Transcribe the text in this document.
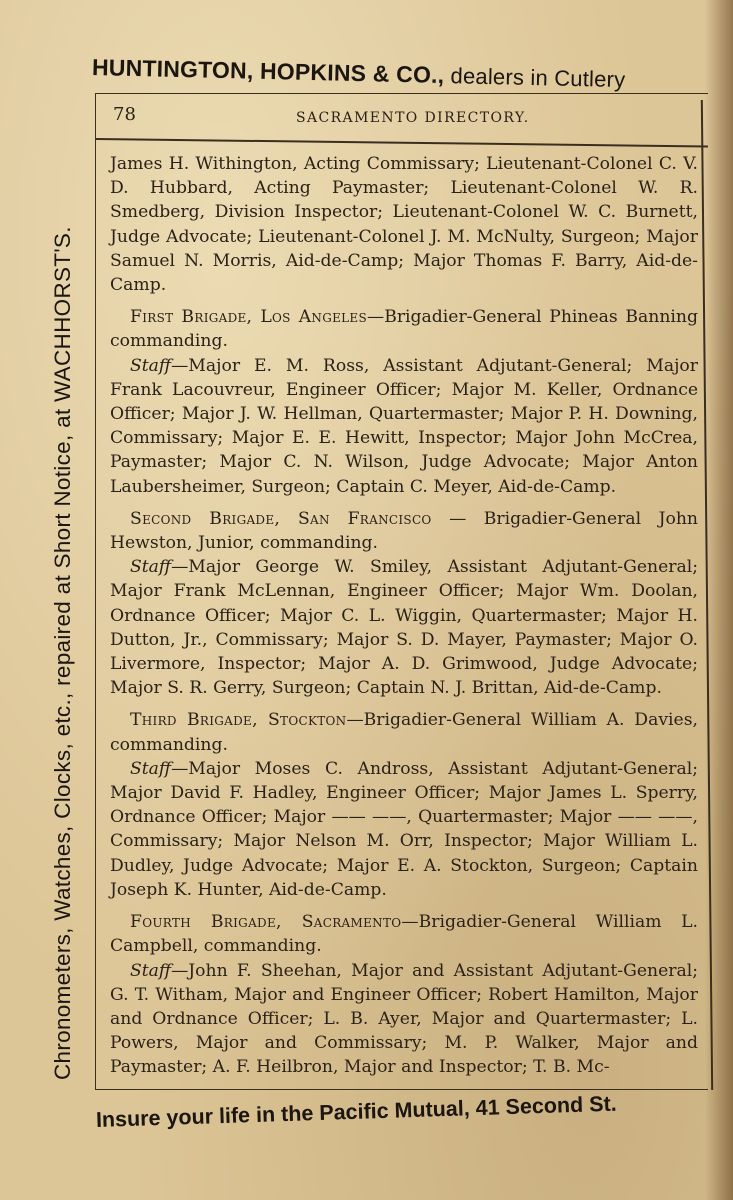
HUNTINGTON, HOPKINS & CO., dealers in Cutlery
Chronometers, Watches, Clocks, etc., repaired at Short Notice, at WACHHORST'S.
78	SACRAMENTO DIRECTORY.

James H. Withington, Acting Commissary; Lieutenant-Colonel C. V. D. Hubbard, Acting Paymaster; Lieutenant-Colonel W. R. Smedberg, Division Inspector; Lieutenant-Colonel W. C. Burnett, Judge Advocate; Lieutenant-Colonel J. M. McNulty, Surgeon; Major Samuel N. Morris, Aid-de-Camp; Major Thomas F. Barry, Aid-de-Camp.

First Brigade, Los Angeles—Brigadier-General Phineas Banning commanding.

Staff—Major E. M. Ross, Assistant Adjutant-General; Major Frank Lacouvreur, Engineer Officer; Major M. Keller, Ordnance Officer; Major J. W. Hellman, Quartermaster; Major P. H. Downing, Commissary; Major E. E. Hewitt, Inspector; Major John McCrea, Paymaster; Major C. N. Wilson, Judge Advocate; Major Anton Laubersheimer, Surgeon; Captain C. Meyer, Aid-de-Camp.

Second Brigade, San Francisco — Brigadier-General John Hewston, Junior, commanding.

Staff—Major George W. Smiley, Assistant Adjutant-General; Major Frank McLennan, Engineer Officer; Major Wm. Doolan, Ordnance Officer; Major C. L. Wiggin, Quartermaster; Major H. Dutton, Jr., Commissary; Major S. D. Mayer, Paymaster; Major O. Livermore, Inspector; Major A. D. Grimwood, Judge Advocate; Major S. R. Gerry, Surgeon; Captain N. J. Brittan, Aid-de-Camp.

Third Brigade, Stockton—Brigadier-General William A. Davies, commanding.

Staff—Major Moses C. Andross, Assistant Adjutant-General; Major David F. Hadley, Engineer Officer; Major James L. Sperry, Ordnance Officer; Major —— ——, Quartermaster; Major —— ——, Commissary; Major Nelson M. Orr, Inspector; Major William L. Dudley, Judge Advocate; Major E. A. Stockton, Surgeon; Captain Joseph K. Hunter, Aid-de-Camp.

Fourth Brigade, Sacramento—Brigadier-General William L. Campbell, commanding.

Staff—John F. Sheehan, Major and Assistant Adjutant-General; G. T. Witham, Major and Engineer Officer; Robert Hamilton, Major and Ordnance Officer; L. B. Ayer, Major and Quartermaster; L. Powers, Major and Commissary; M. P. Walker, Major and Paymaster; A. F. Heilbron, Major and Inspector; T. B. Mc-

Insure your life in the Pacific Mutual, 41 Second St.
